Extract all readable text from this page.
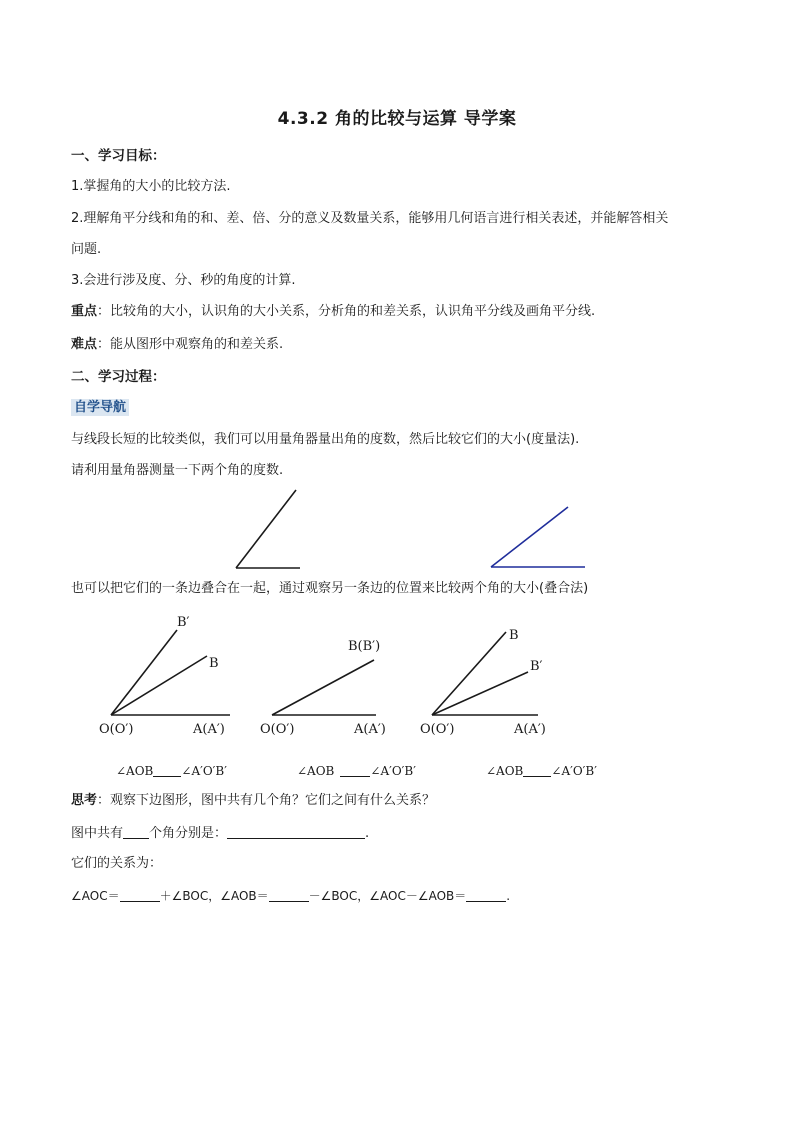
4.3.2 角的比较与运算 导学案
一、学习目标：
1.掌握角的大小的比较方法.
2.理解角平分线和角的和、差、倍、分的意义及数量关系，能够用几何语言进行相关表述，并能解答相关
问题.
3.会进行涉及度、分、秒的角度的计算.
重点：比较角的大小，认识角的大小关系，分析角的和差关系，认识角平分线及画角平分线.
难点：能从图形中观察角的和差关系.
二、学习过程：
自学导航
与线段长短的比较类似，我们可以用量角器量出角的度数，然后比较它们的大小(度量法).
请利用量角器测量一下两个角的度数.
也可以把它们的一条边叠合在一起，通过观察另一条边的位置来比较两个角的大小(叠合法)
B′
B
O(O′)	A(A′)
B(B′)
O(O′)	A(A′)
B
B′
O(O′)	A(A′)
∠AOB ∠A′O′B′	∠AOB	∠A′O′B′	∠AOB ∠A′O′B′
思考：观察下边图形，图中共有几个角？它们之间有什么关系？
图中共有 个角分别是：	.
它们的关系为：
∠AOC＝	＋∠BOC，∠AOB＝	－∠BOC，∠AOC－∠AOB＝	.
